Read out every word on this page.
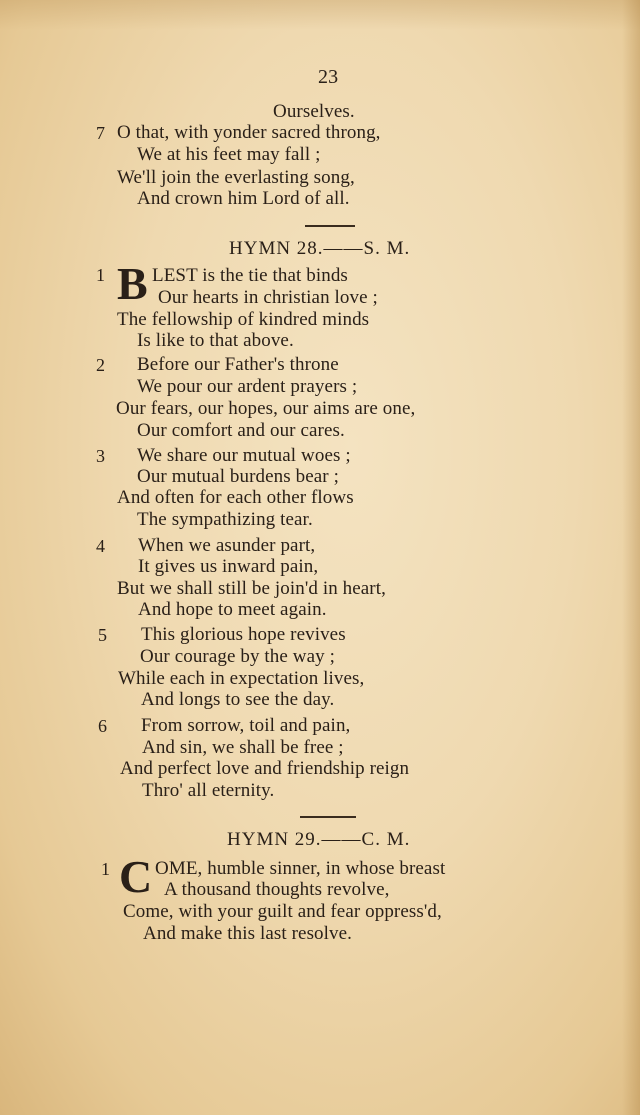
23
Ourselves.
7 O that, with yonder sacred throng,
We at his feet may fall ;
We'll join the everlasting song,
And crown him Lord of all.
HYMN 28.——S. M.
1 B LEST is the tie that binds
Our hearts in christian love ;
The fellowship of kindred minds
Is like to that above.
2 Before our Father's throne
We pour our ardent prayers ;
Our fears, our hopes, our aims are one,
Our comfort and our cares.
3 We share our mutual woes ;
Our mutual burdens bear ;
And often for each other flows
The sympathizing tear.
4 When we asunder part,
It gives us inward pain,
But we shall still be join'd in heart,
And hope to meet again.
5 This glorious hope revives
Our courage by the way ;
While each in expectation lives,
And longs to see the day.
6 From sorrow, toil and pain,
And sin, we shall be free ;
And perfect love and friendship reign
Thro' all eternity.
HYMN 29.——C. M.
1 C OME, humble sinner, in whose breast
A thousand thoughts revolve,
Come, with your guilt and fear oppress'd,
And make this last resolve.
